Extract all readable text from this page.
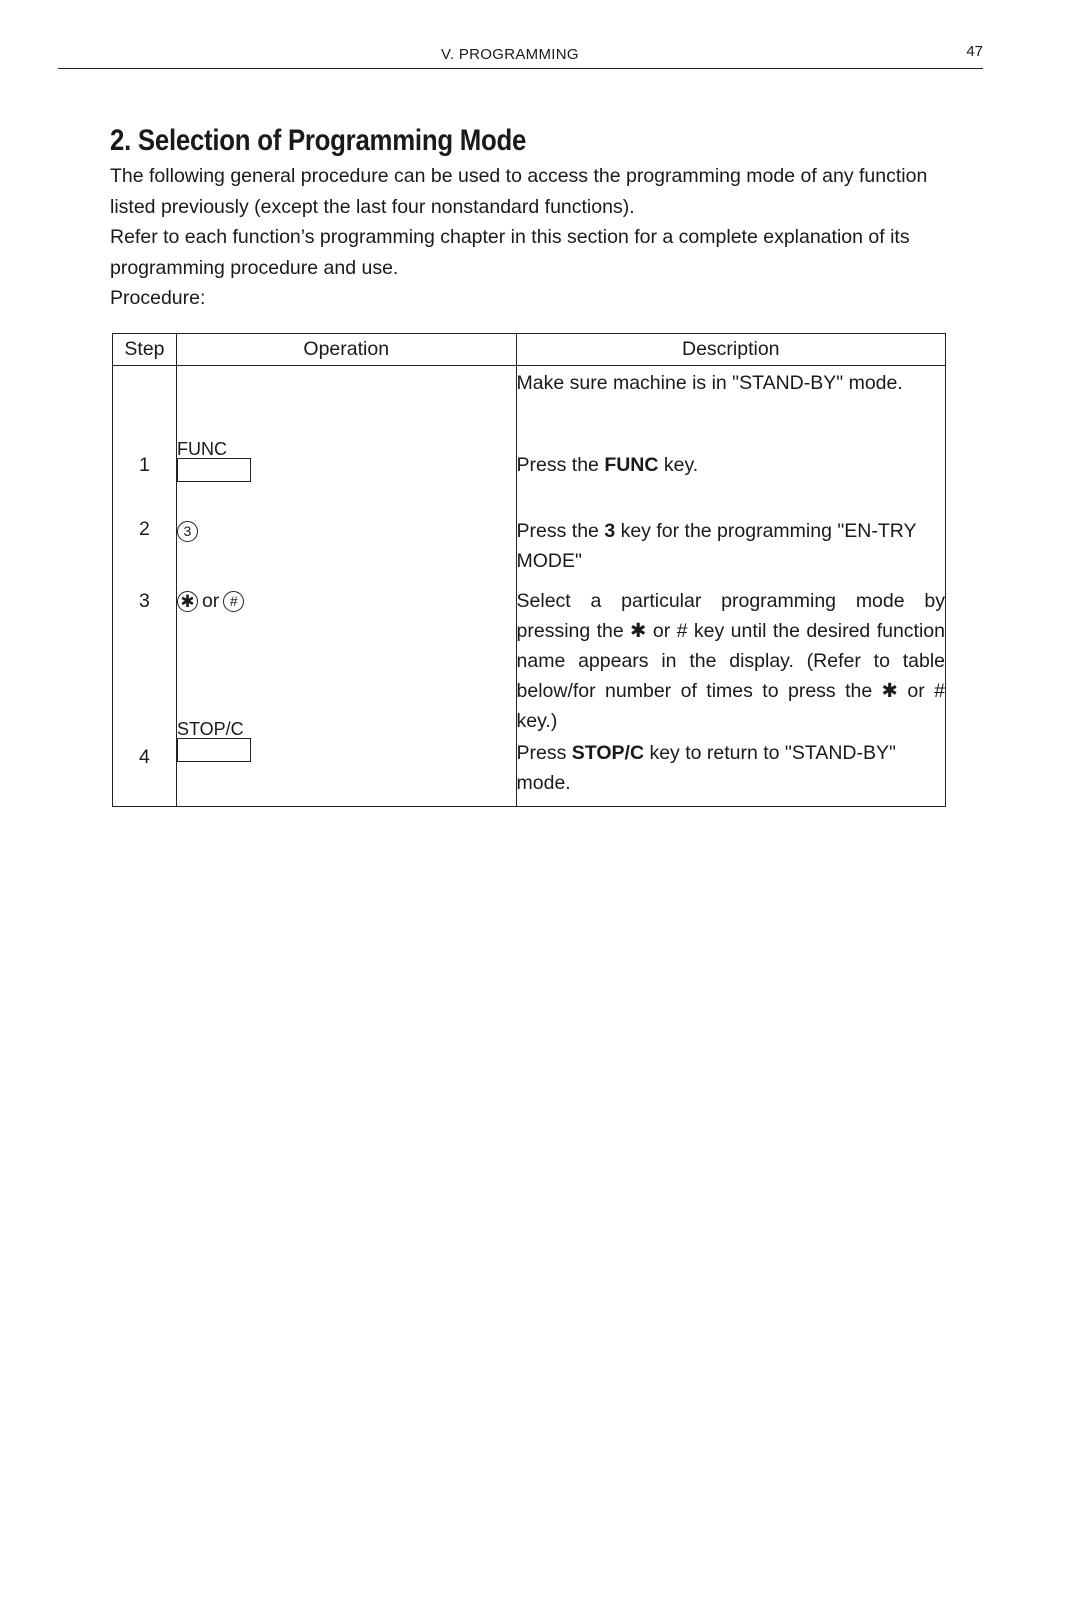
V. PROGRAMMING	47
2. Selection of Programming Mode

The following general procedure can be used to access the programming mode of any function listed previously (except the last four nonstandard functions).

Refer to each function’s programming chapter in this section for a complete explanation of its programming procedure and use.

Procedure:

Step	Operation	Description
		Make sure machine is in "STAND-BY" mode.
1	FUNC	Press the FUNC key.
2	3	Press the 3 key for the programming "EN-TRY MODE"
3	✱ or #	Select a particular programming mode by pressing the ✱ or # key until the desired function name appears in the display. (Refer to table below/for number of times to press the ✱ or # key.)
4	STOP/C	Press STOP/C key to return to "STAND-BY" mode.
